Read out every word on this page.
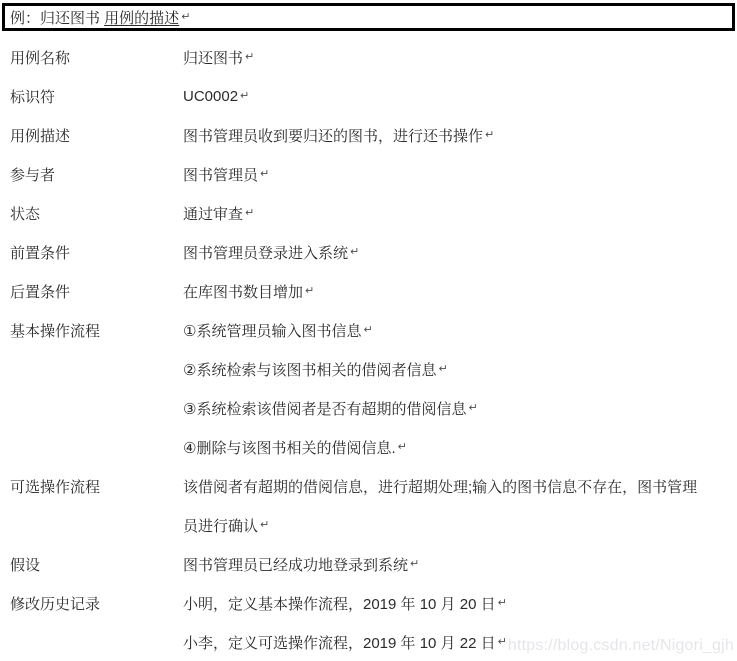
例：归还图书 用例的描述 ↵
用例名称	归还图书 ↵
标识符	UC0002 ↵
用例描述	图书管理员收到要归还的图书，进行还书操作 ↵
参与者	图书管理员 ↵
状态	通过审查 ↵
前置条件	图书管理员登录进入系统 ↵
后置条件	在库图书数目增加 ↵
基本操作流程	①系统管理员输入图书信息 ↵
②系统检索与该图书相关的借阅者信息 ↵
③系统检索该借阅者是否有超期的借阅信息 ↵
④删除与该图书相关的借阅信息. ↵
可选操作流程	该借阅者有超期的借阅信息，进行超期处理;输入的图书信息不存在，图书管理
员进行确认 ↵
假设	图书管理员已经成功地登录到系统 ↵
修改历史记录	小明，定义基本操作流程，2019 年 10 月 20 日 ↵
小李，定义可选操作流程，2019 年 10 月 22 日 ↵ https://blog.csdn.net/Nigori_gjh
